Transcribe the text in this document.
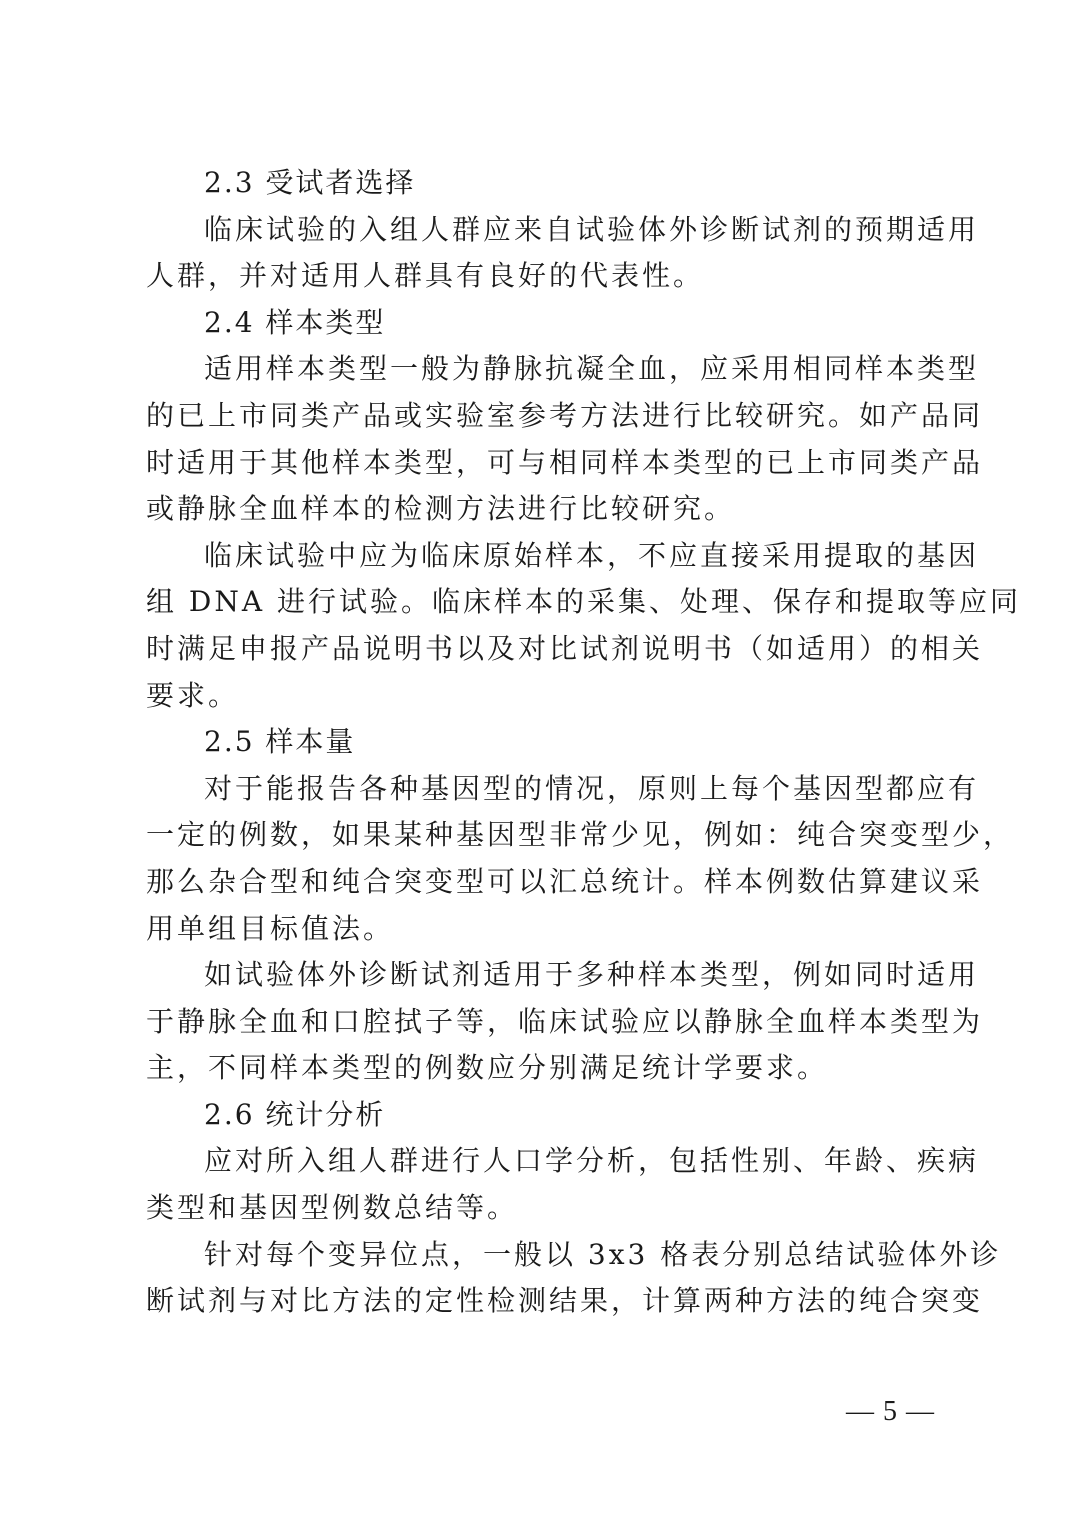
2.3 受试者选择
临床试验的入组人群应来自试验体外诊断试剂的预期适用
人群，并对适用人群具有良好的代表性。
2.4 样本类型
适用样本类型一般为静脉抗凝全血，应采用相同样本类型
的已上市同类产品或实验室参考方法进行比较研究。如产品同
时适用于其他样本类型，可与相同样本类型的已上市同类产品
或静脉全血样本的检测方法进行比较研究。
临床试验中应为临床原始样本，不应直接采用提取的基因
组 DNA 进行试验。临床样本的采集、处理、保存和提取等应同
时满足申报产品说明书以及对比试剂说明书（如适用）的相关
要求。
2.5 样本量
对于能报告各种基因型的情况，原则上每个基因型都应有
一定的例数，如果某种基因型非常少见，例如：纯合突变型少，
那么杂合型和纯合突变型可以汇总统计。样本例数估算建议采
用单组目标值法。
如试验体外诊断试剂适用于多种样本类型，例如同时适用
于静脉全血和口腔拭子等，临床试验应以静脉全血样本类型为
主，不同样本类型的例数应分别满足统计学要求。
2.6 统计分析
应对所入组人群进行人口学分析，包括性别、年龄、疾病
类型和基因型例数总结等。
针对每个变异位点，一般以 3x3 格表分别总结试验体外诊
断试剂与对比方法的定性检测结果，计算两种方法的纯合突变
— 5 —
